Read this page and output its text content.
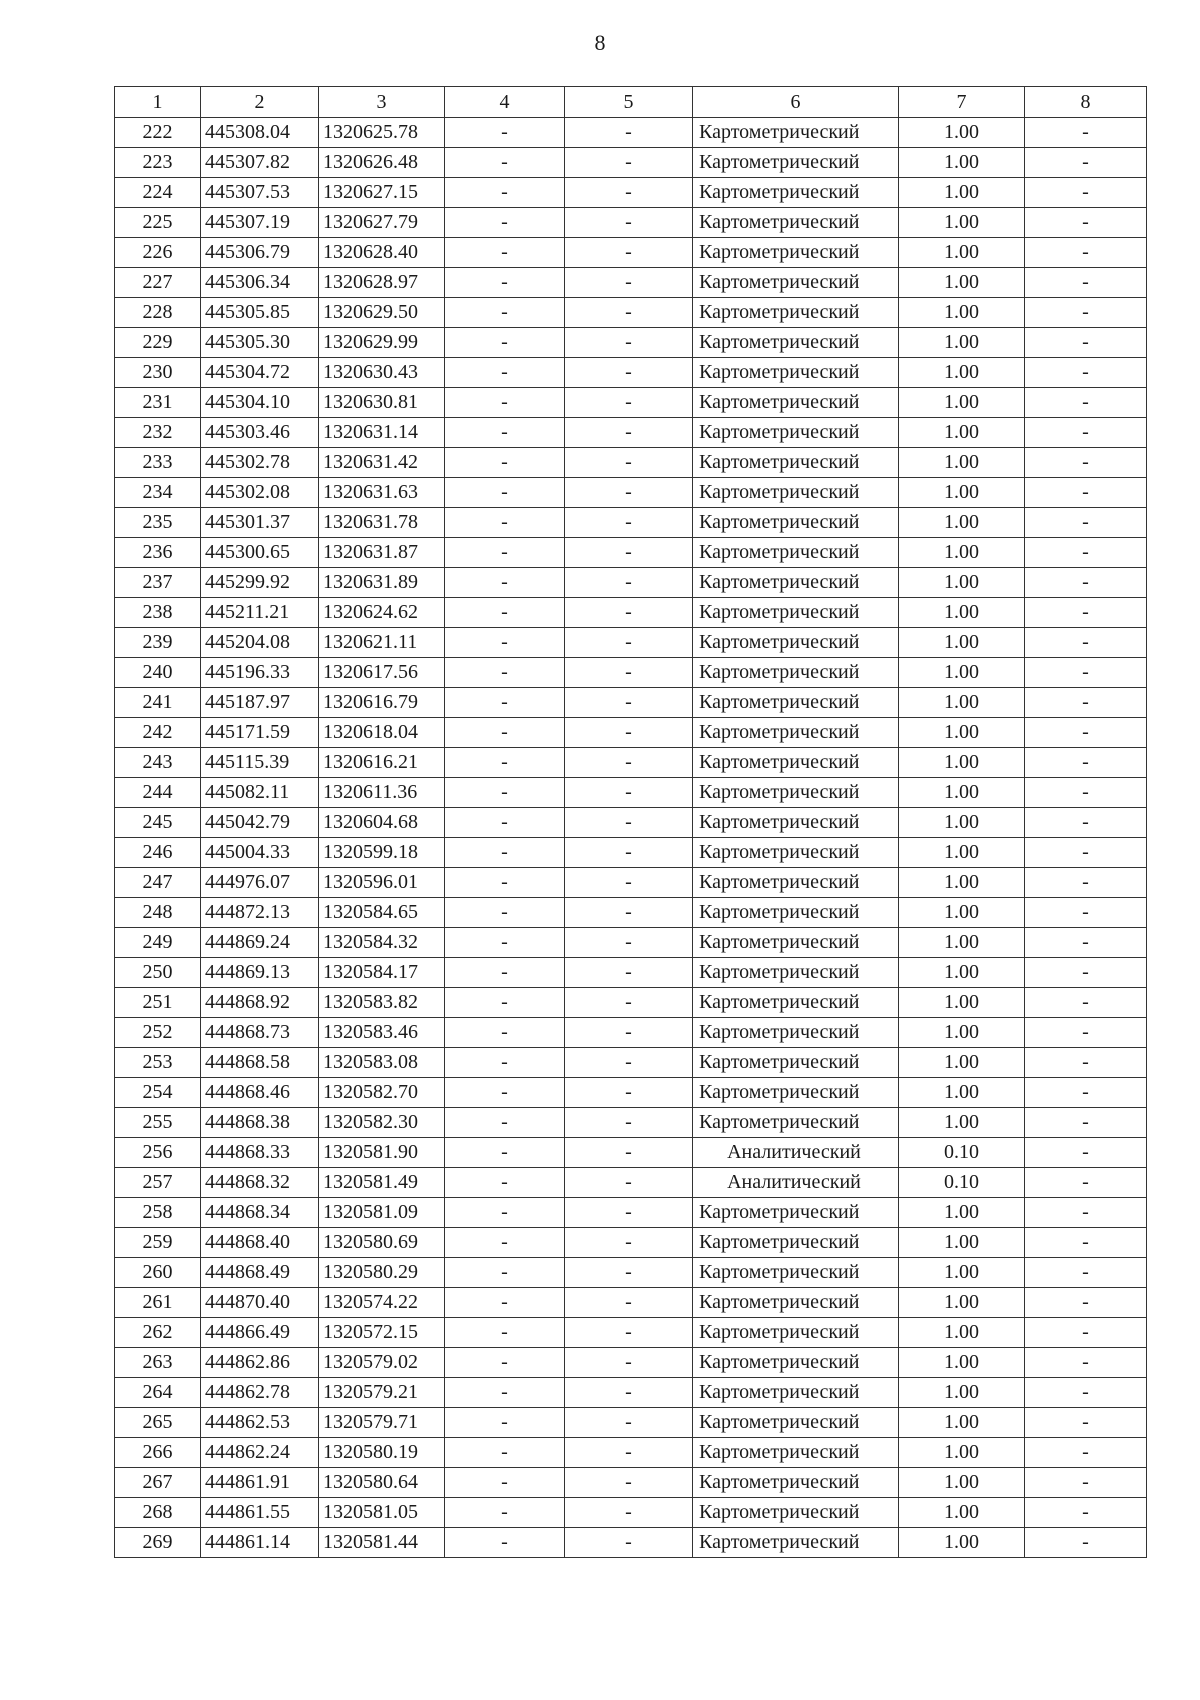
8
1	2	3	4	5	6	7	8
222	445308.04	1320625.78	-	-	Картометрический	1.00	-
223	445307.82	1320626.48	-	-	Картометрический	1.00	-
224	445307.53	1320627.15	-	-	Картометрический	1.00	-
225	445307.19	1320627.79	-	-	Картометрический	1.00	-
226	445306.79	1320628.40	-	-	Картометрический	1.00	-
227	445306.34	1320628.97	-	-	Картометрический	1.00	-
228	445305.85	1320629.50	-	-	Картометрический	1.00	-
229	445305.30	1320629.99	-	-	Картометрический	1.00	-
230	445304.72	1320630.43	-	-	Картометрический	1.00	-
231	445304.10	1320630.81	-	-	Картометрический	1.00	-
232	445303.46	1320631.14	-	-	Картометрический	1.00	-
233	445302.78	1320631.42	-	-	Картометрический	1.00	-
234	445302.08	1320631.63	-	-	Картометрический	1.00	-
235	445301.37	1320631.78	-	-	Картометрический	1.00	-
236	445300.65	1320631.87	-	-	Картометрический	1.00	-
237	445299.92	1320631.89	-	-	Картометрический	1.00	-
238	445211.21	1320624.62	-	-	Картометрический	1.00	-
239	445204.08	1320621.11	-	-	Картометрический	1.00	-
240	445196.33	1320617.56	-	-	Картометрический	1.00	-
241	445187.97	1320616.79	-	-	Картометрический	1.00	-
242	445171.59	1320618.04	-	-	Картометрический	1.00	-
243	445115.39	1320616.21	-	-	Картометрический	1.00	-
244	445082.11	1320611.36	-	-	Картометрический	1.00	-
245	445042.79	1320604.68	-	-	Картометрический	1.00	-
246	445004.33	1320599.18	-	-	Картометрический	1.00	-
247	444976.07	1320596.01	-	-	Картометрический	1.00	-
248	444872.13	1320584.65	-	-	Картометрический	1.00	-
249	444869.24	1320584.32	-	-	Картометрический	1.00	-
250	444869.13	1320584.17	-	-	Картометрический	1.00	-
251	444868.92	1320583.82	-	-	Картометрический	1.00	-
252	444868.73	1320583.46	-	-	Картометрический	1.00	-
253	444868.58	1320583.08	-	-	Картометрический	1.00	-
254	444868.46	1320582.70	-	-	Картометрический	1.00	-
255	444868.38	1320582.30	-	-	Картометрический	1.00	-
256	444868.33	1320581.90	-	-	Аналитический	0.10	-
257	444868.32	1320581.49	-	-	Аналитический	0.10	-
258	444868.34	1320581.09	-	-	Картометрический	1.00	-
259	444868.40	1320580.69	-	-	Картометрический	1.00	-
260	444868.49	1320580.29	-	-	Картометрический	1.00	-
261	444870.40	1320574.22	-	-	Картометрический	1.00	-
262	444866.49	1320572.15	-	-	Картометрический	1.00	-
263	444862.86	1320579.02	-	-	Картометрический	1.00	-
264	444862.78	1320579.21	-	-	Картометрический	1.00	-
265	444862.53	1320579.71	-	-	Картометрический	1.00	-
266	444862.24	1320580.19	-	-	Картометрический	1.00	-
267	444861.91	1320580.64	-	-	Картометрический	1.00	-
268	444861.55	1320581.05	-	-	Картометрический	1.00	-
269	444861.14	1320581.44	-	-	Картометрический	1.00	-
